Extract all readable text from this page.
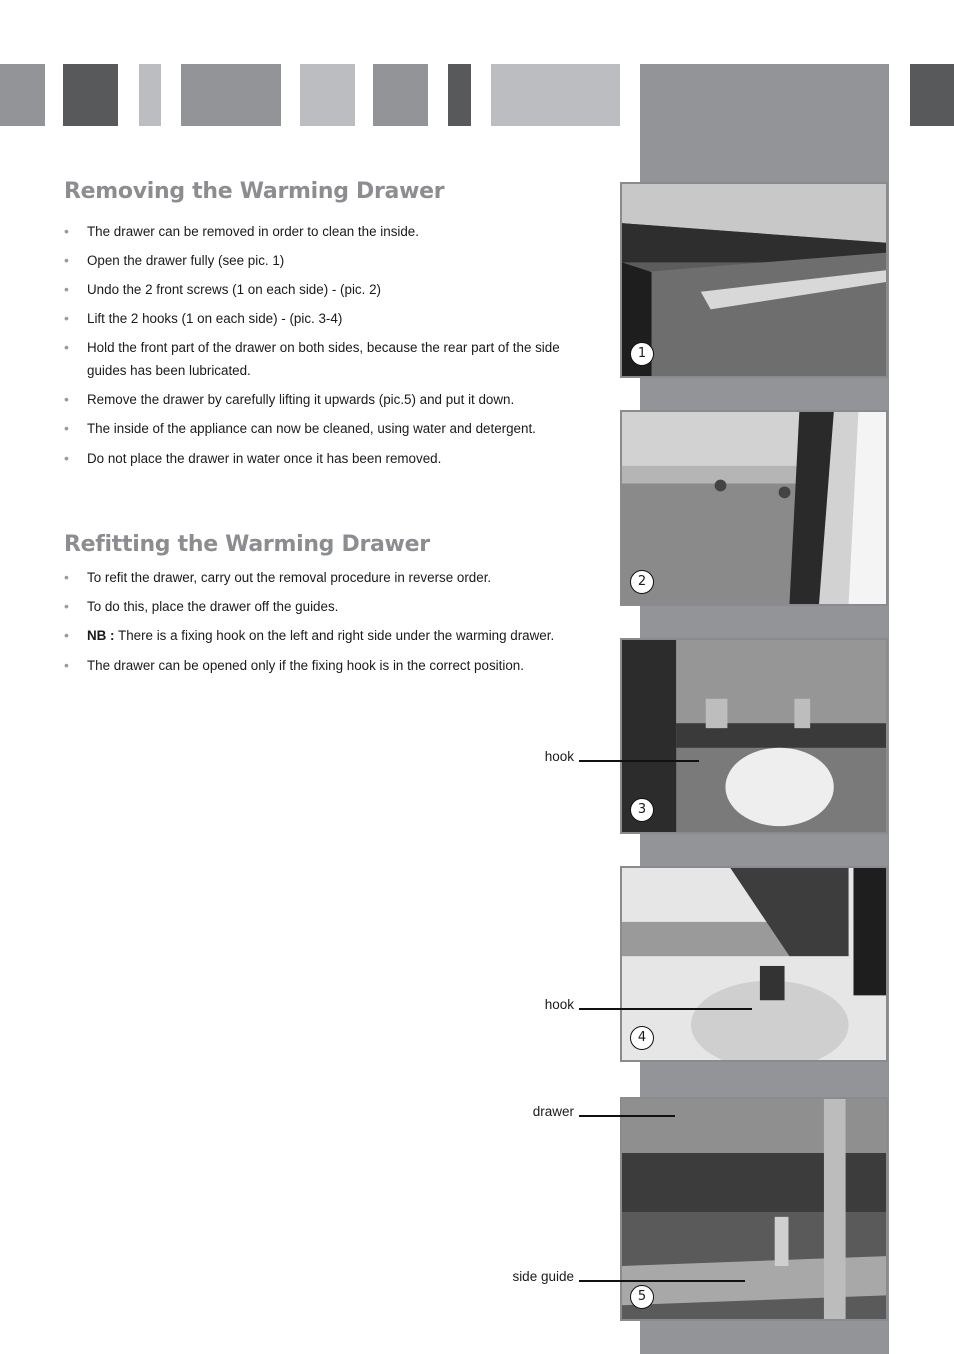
Removing the Warming Drawer
• The drawer can be removed in order to clean the inside.
• Open the drawer fully (see pic. 1)
• Undo the 2 front screws (1 on each side) - (pic. 2)
• Lift the 2 hooks (1 on each side) - (pic. 3-4)
• Hold the front part of the drawer on both sides, because the rear part of the side guides has been lubricated.
• Remove the drawer by carefully lifting it upwards (pic.5) and put it down.
• The inside of the appliance can now be cleaned, using water and detergent.
• Do not place the drawer in water once it has been removed.
Refitting the Warming Drawer
• To refit the drawer, carry out the removal procedure in reverse order.
• To do this, place the drawer off the guides.
• NB : There is a fixing hook on the left and right side under the warming drawer.
• The drawer can be opened only if the fixing hook is in the correct position.
1
2
3
4
5
hook
hook
drawer
side guide
